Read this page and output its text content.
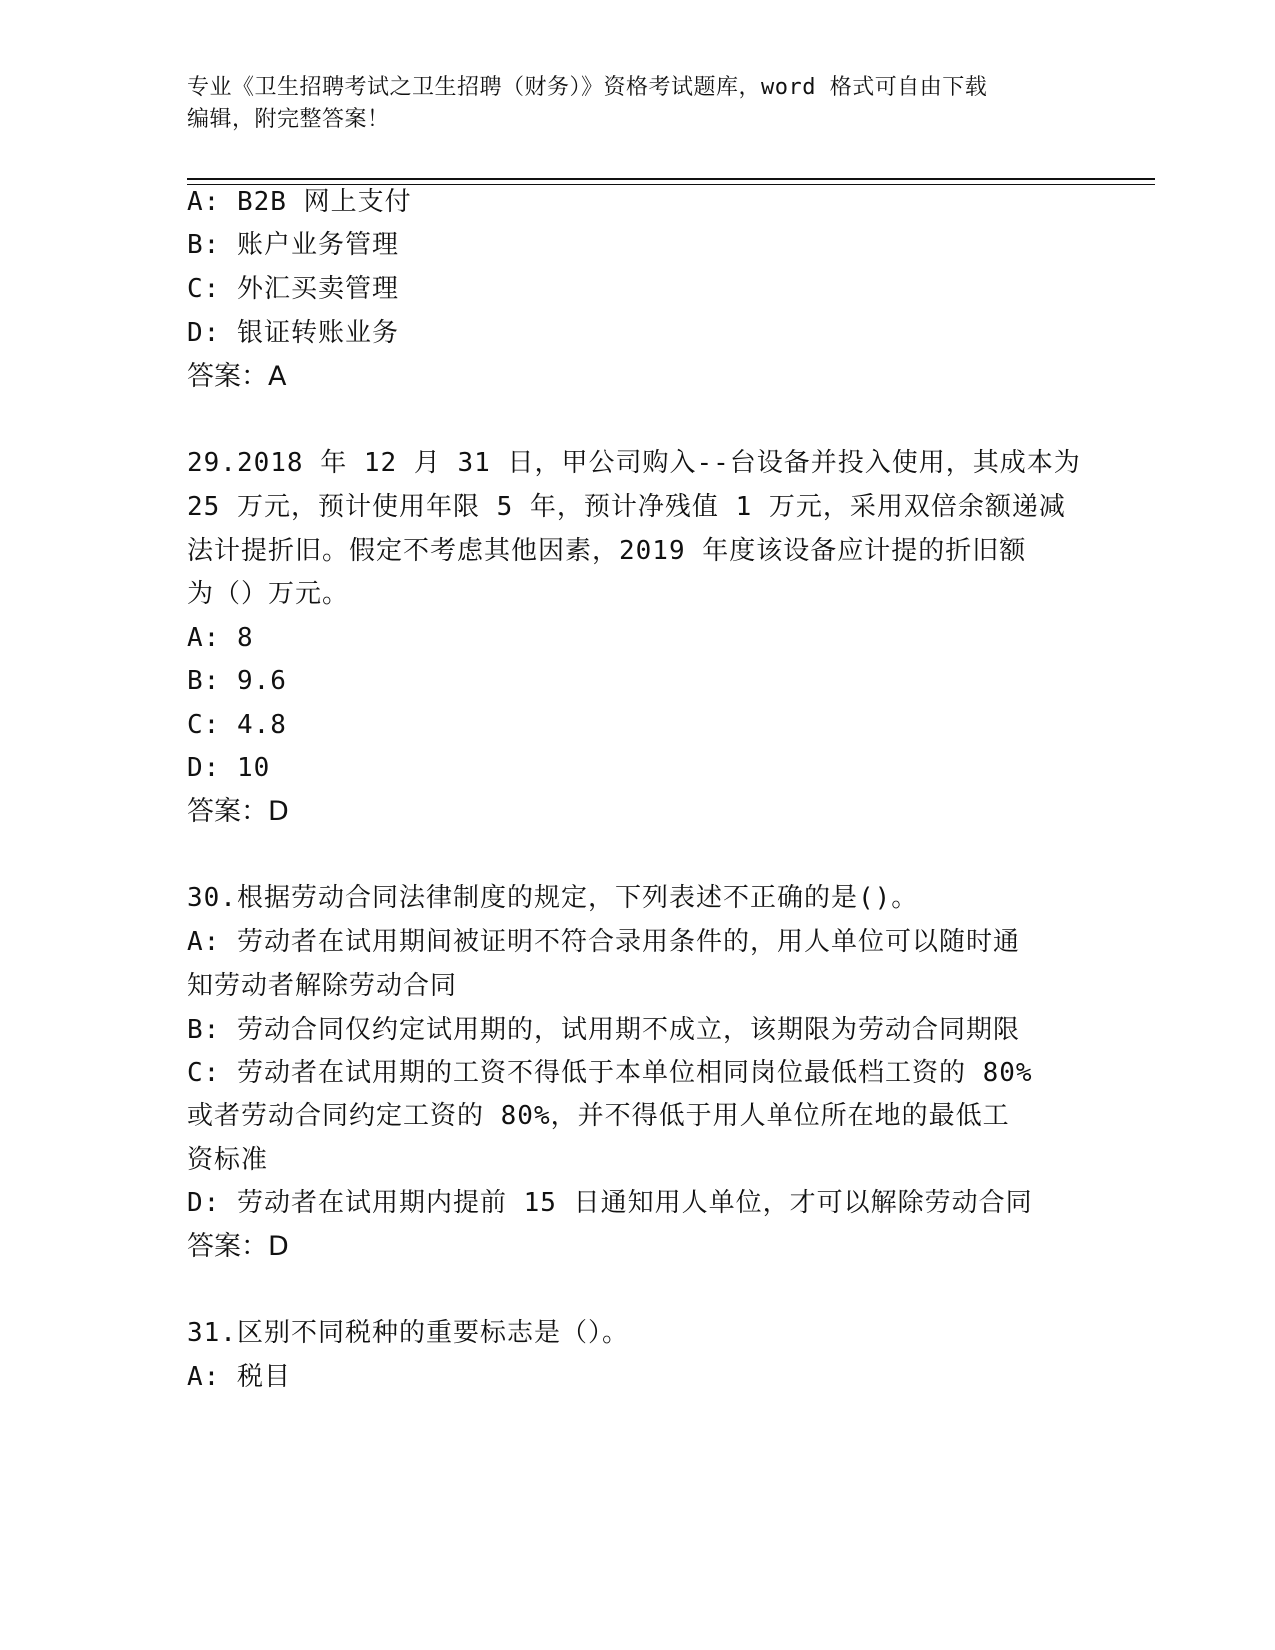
专业《卫生招聘考试之卫生招聘（财务）》资格考试题库，word 格式可自由下载
编辑，附完整答案！
A: B2B 网上支付
B: 账户业务管理
C: 外汇买卖管理
D: 银证转账业务
答案：A
29.2018 年 12 月 31 日，甲公司购入--台设备并投入使用，其成本为
25 万元，预计使用年限 5 年，预计净残值 1 万元，采用双倍余额递减
法计提折旧。假定不考虑其他因素，2019 年度该设备应计提的折旧额
为（）万元。
A: 8
B: 9.6
C: 4.8
D: 10
答案：D
30.根据劳动合同法律制度的规定，下列表述不正确的是()。
A: 劳动者在试用期间被证明不符合录用条件的，用人单位可以随时通
知劳动者解除劳动合同
B: 劳动合同仅约定试用期的，试用期不成立，该期限为劳动合同期限
C: 劳动者在试用期的工资不得低于本单位相同岗位最低档工资的 80%
或者劳动合同约定工资的 80%，并不得低于用人单位所在地的最低工
资标准
D: 劳动者在试用期内提前 15 日通知用人单位，才可以解除劳动合同
答案：D
31.区别不同税种的重要标志是（）。
A: 税目
